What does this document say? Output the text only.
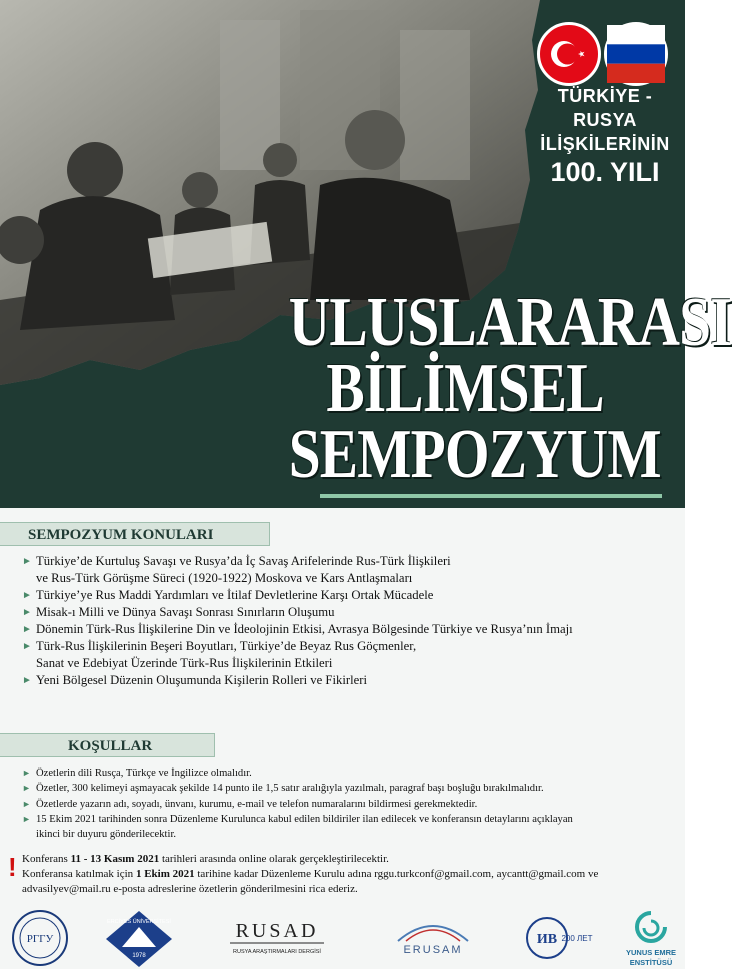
TÜRKİYE - RUSYA
İLİŞKİLERİNİN
100. YILI
ULUSLARARASI
BİLİMSEL
SEMPOZYUM
SEMPOZYUM KONULARI
► Türkiye’de Kurtuluş Savaşı ve Rusya’da İç Savaş Arifelerinde Rus-Türk İlişkileri
ve Rus-Türk Görüşme Süreci (1920-1922) Moskova ve Kars Antlaşmaları
► Türkiye’ye Rus Maddi Yardımları ve İtilaf Devletlerine Karşı Ortak Mücadele
► Misak-ı Milli ve Dünya Savaşı Sonrası Sınırların Oluşumu
► Dönemin Türk-Rus İlişkilerine Din ve İdeolojinin Etkisi, Avrasya Bölgesinde Türkiye ve Rusya’nın İmajı
► Türk-Rus İlişkilerinin Beşeri Boyutları, Türkiye’de Beyaz Rus Göçmenler,
Sanat ve Edebiyat Üzerinde Türk-Rus İlişkilerinin Etkileri
► Yeni Bölgesel Düzenin Oluşumunda Kişilerin Rolleri ve Fikirleri
KOŞULLAR
► Özetlerin dili Rusça, Türkçe ve İngilizce olmalıdır.
► Özetler, 300 kelimeyi aşmayacak şekilde 14 punto ile 1,5 satır aralığıyla yazılmalı, paragraf başı boşluğu bırakılmalıdır.
► Özetlerde yazarın adı, soyadı, ünvanı, kurumu, e-mail ve telefon numaralarını bildirmesi gerekmektedir.
► 15 Ekim 2021 tarihinden sonra Düzenleme Kurulunca kabul edilen bildiriler ilan edilecek ve konferansın detaylarını açıklayan
ikinci bir duyuru gönderilecektir.
! Konferans 11 - 13 Kasım 2021 tarihleri arasında online olarak gerçekleştirilecektir.
Konferansa katılmak için 1 Ekim 2021 tarihine kadar Düzenleme Kurulu adına rggu.turkconf@gmail.com, aycantt@gmail.com ve
advasilyev@mail.ru e-posta adreslerine özetlerin gönderilmesini rica ederiz.
РГГУ
ERCİYES ÜNİVERSİTESİ
1978
RUSAD
RUSYA ARAŞTIRMALARI DERGİSİ	ERUSAM
ИВ 200 ЛЕТ
YUNUS EMRE
ENSTİTÜSÜ
